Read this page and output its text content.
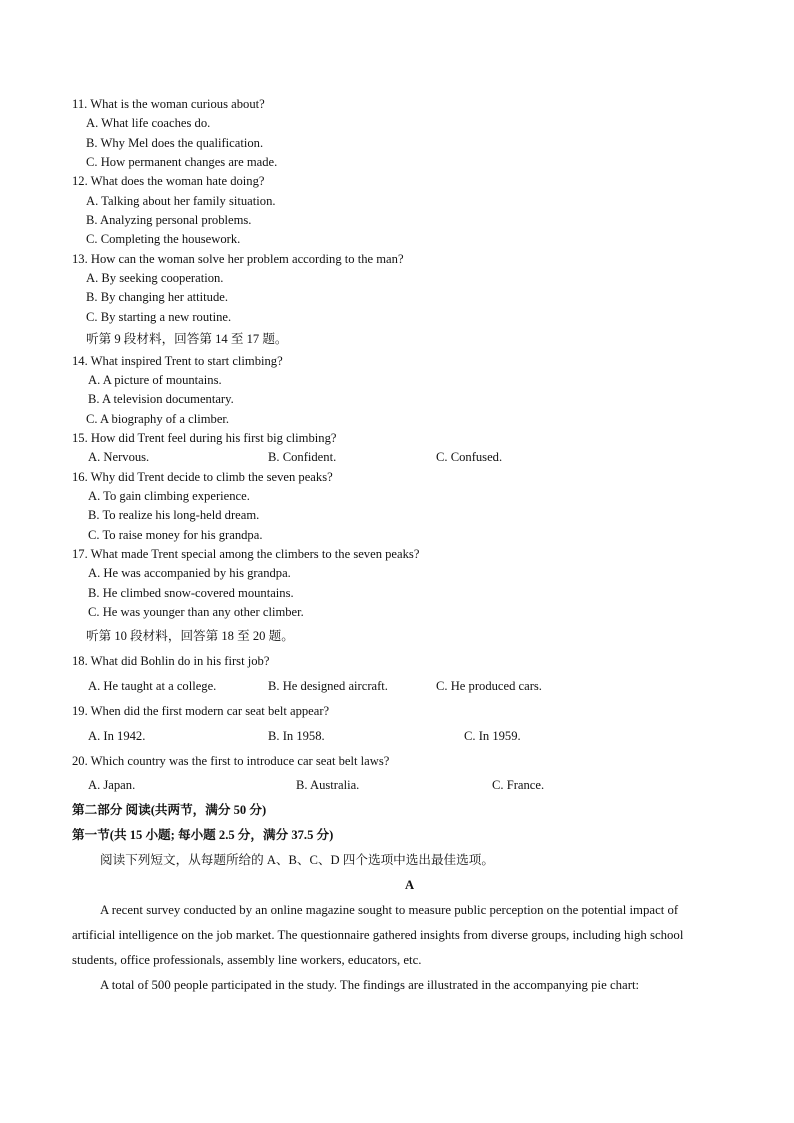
11. What is the woman curious about?
A. What life coaches do.
B. Why Mel does the qualification.
C. How permanent changes are made.
12. What does the woman hate doing?
A. Talking about her family situation.
B. Analyzing personal problems.
C. Completing the housework.
13. How can the woman solve her problem according to the man?
A. By seeking cooperation.
B. By changing her attitude.
C. By starting a new routine.
听第 9 段材料，回答第 14 至 17 题。
14. What inspired Trent to start climbing?
A. A picture of mountains.
B. A television documentary.
C. A biography of a climber.
15. How did Trent feel during his first big climbing?
A. Nervous.	B. Confident.	C. Confused.
16. Why did Trent decide to climb the seven peaks?
A. To gain climbing experience.
B. To realize his long-held dream.
C. To raise money for his grandpa.
17. What made Trent special among the climbers to the seven peaks?
A. He was accompanied by his grandpa.
B. He climbed snow-covered mountains.
C. He was younger than any other climber.
听第 10 段材料，回答第 18 至 20 题。
18. What did Bohlin do in his first job?
A. He taught at a college.	B. He designed aircraft.	C. He produced cars.
19. When did the first modern car seat belt appear?
A. In 1942.	B. In 1958.	C. In 1959.
20. Which country was the first to introduce car seat belt laws?
A. Japan.	B. Australia.	C. France.
第二部分 阅读(共两节，满分 50 分)
第一节(共 15 小题; 每小题 2.5 分，满分 37.5 分)
阅读下列短文，从每题所给的 A、B、C、D 四个选项中选出最佳选项。
A
A recent survey conducted by an online magazine sought to measure public perception on the potential impact of artificial intelligence on the job market. The questionnaire gathered insights from diverse groups, including high school students, office professionals, assembly line workers, educators, etc.
A total of 500 people participated in the study. The findings are illustrated in the accompanying pie chart:
